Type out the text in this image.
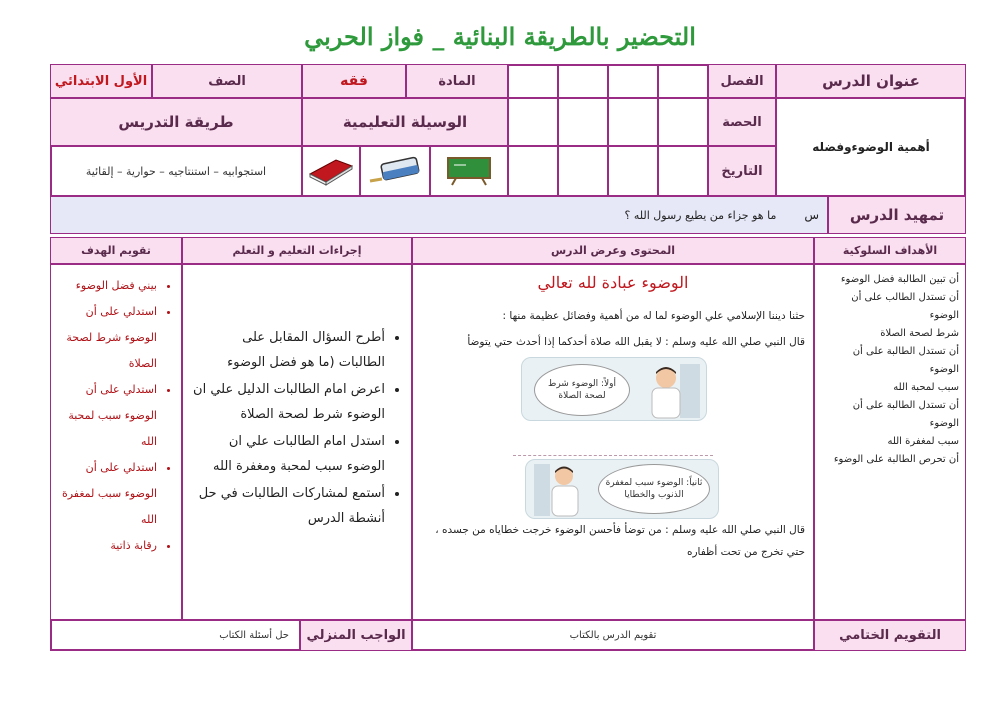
التحضير بالطريقة البنائية _ فواز الحربي
عنوان الدرس
أهمية الوضوءوفضله
الفصل
الحصة
التاريخ
المادة
فقه
الصف
الأول الابتدائي
الوسيلة التعليمية
طريقة التدريس
استجوابيه – استنتاجيه – حوارية – إلقائية
تمهيد الدرس
س
ما هو جزاء من يطيع رسول الله ؟
الأهداف السلوكية
المحتوى وعرض الدرس
إجراءات التعليم و التعلم
تقويم الهدف
أن تبين الطالبة فضل الوضوء
أن تستدل الطالب على أن الوضوء
شرط لصحة الصلاة
أن تستدل الطالبة على أن الوضوء
سبب لمحبة الله
أن تستدل الطالبة على أن الوضوء
سبب لمغفرة الله
أن تحرص الطالبة على الوضوء
الوضوء عبادة لله تعالي
حثنا ديننا الإسلامي علي الوضوء لما له من أهمية وفضائل عظيمة منها :
قال النبي صلي الله عليه وسلم : لا يقبل الله صلاة أحدكما إذا أحدث حتي يتوضأ
أولاً: الوضوء شرط لصحة الصلاة
ثانياً: الوضوء سبب لمغفرة الذنوب والخطايا
قال النبي صلي الله عليه وسلم : من توضأ فأحسن الوضوء خرجت خطاياه من جسده ،
حتي تخرج من تحت أظفاره
• أطرح السؤال المقابل على الطالبات (ما هو فضل الوضوء
• اعرض امام الطالبات الدليل علي ان الوضوء شرط لصحة الصلاة
• استدل امام الطالبات علي ان الوضوء سبب لمحبة ومغفرة الله
• أستمع لمشاركات الطالبات في حل أنشطة الدرس
• بيني فضل الوضوء
• استدلي على أن الوضوء شرط لصحة الصلاة
• استدلي على أن الوضوء سبب لمحبة الله
• استدلي على أن الوضوء سبب لمغفرة الله
• رقابة ذاتية
التقويم الختامي
تقويم الدرس بالكتاب
الواجب المنزلي
حل أسئلة الكتاب
